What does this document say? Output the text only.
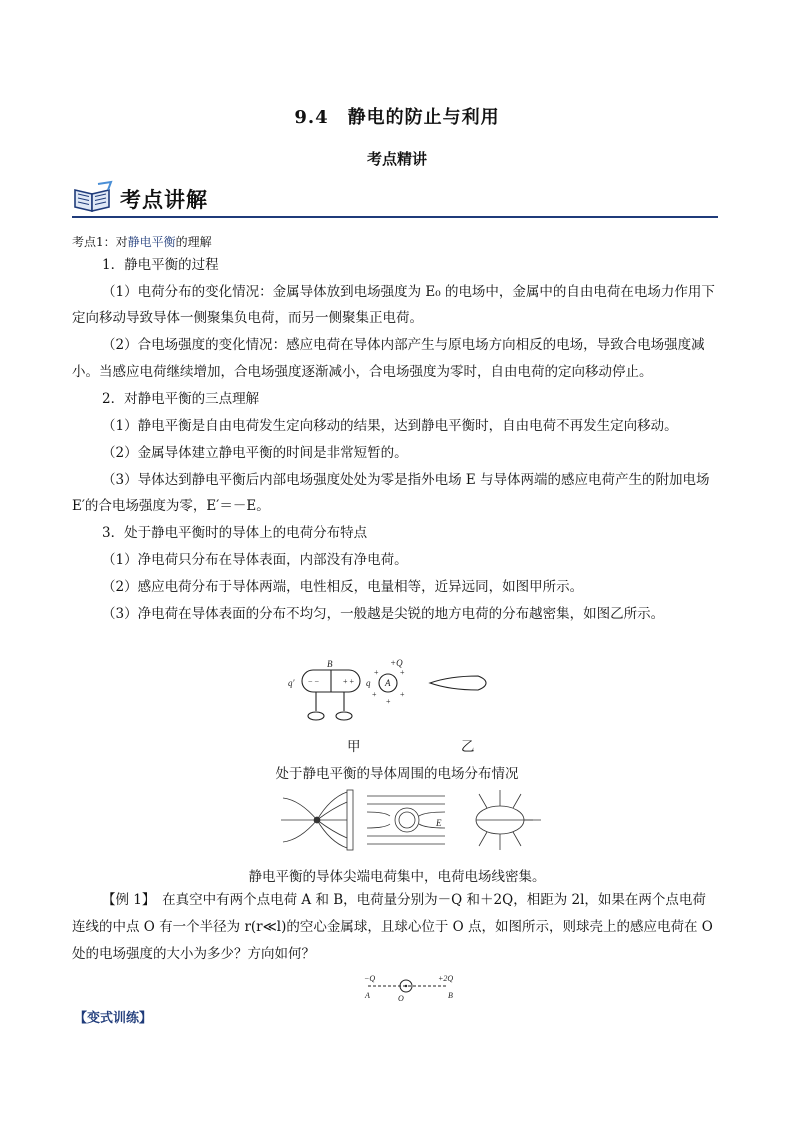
9.4　静电的防止与利用
考点精讲
考点讲解
考点1：对静电平衡的理解
1．静电平衡的过程
（1）电荷分布的变化情况：金属导体放到电场强度为 E₀ 的电场中，金属中的自由电荷在电场力作用下
定向移动导致导体一侧聚集负电荷，而另一侧聚集正电荷。
（2）合电场强度的变化情况：感应电荷在导体内部产生与原电场方向相反的电场，导致合电场强度减
小。当感应电荷继续增加，合电场强度逐渐减小，合电场强度为零时，自由电荷的定向移动停止。
2．对静电平衡的三点理解
（1）静电平衡是自由电荷发生定向移动的结果，达到静电平衡时，自由电荷不再发生定向移动。
（2）金属导体建立静电平衡的时间是非常短暂的。
（3）导体达到静电平衡后内部电场强度处处为零是指外电场 E 与导体两端的感应电荷产生的附加电场
E′的合电场强度为零，E′＝－E。
3．处于静电平衡时的导体上的电荷分布特点
（1）净电荷只分布在导体表面，内部没有净电荷。
（2）感应电荷分布于导体两端，电性相反，电量相等，近异远同，如图甲所示。
（3）净电荷在导体表面的分布不均匀，一般越是尖锐的地方电荷的分布越密集，如图乙所示。
− −	+ +
+	+
+	+
+
q′	q
B
A
+Q
甲	乙
处于静电平衡的导体周围的电场分布情况
E
静电平衡的导体尖端电荷集中，电荷电场线密集。
【例 1】　在真空中有两个点电荷 A 和 B，电荷量分别为－Q 和＋2Q，相距为 2l，如果在两个点电荷
连线的中点 O 有一个半径为 r(r≪l)的空心金属球，且球心位于 O 点，如图所示，则球壳上的感应电荷在 O
处的电场强度的大小为多少？方向如何？
−Q
A	O
+2Q
B
【变式训练】
